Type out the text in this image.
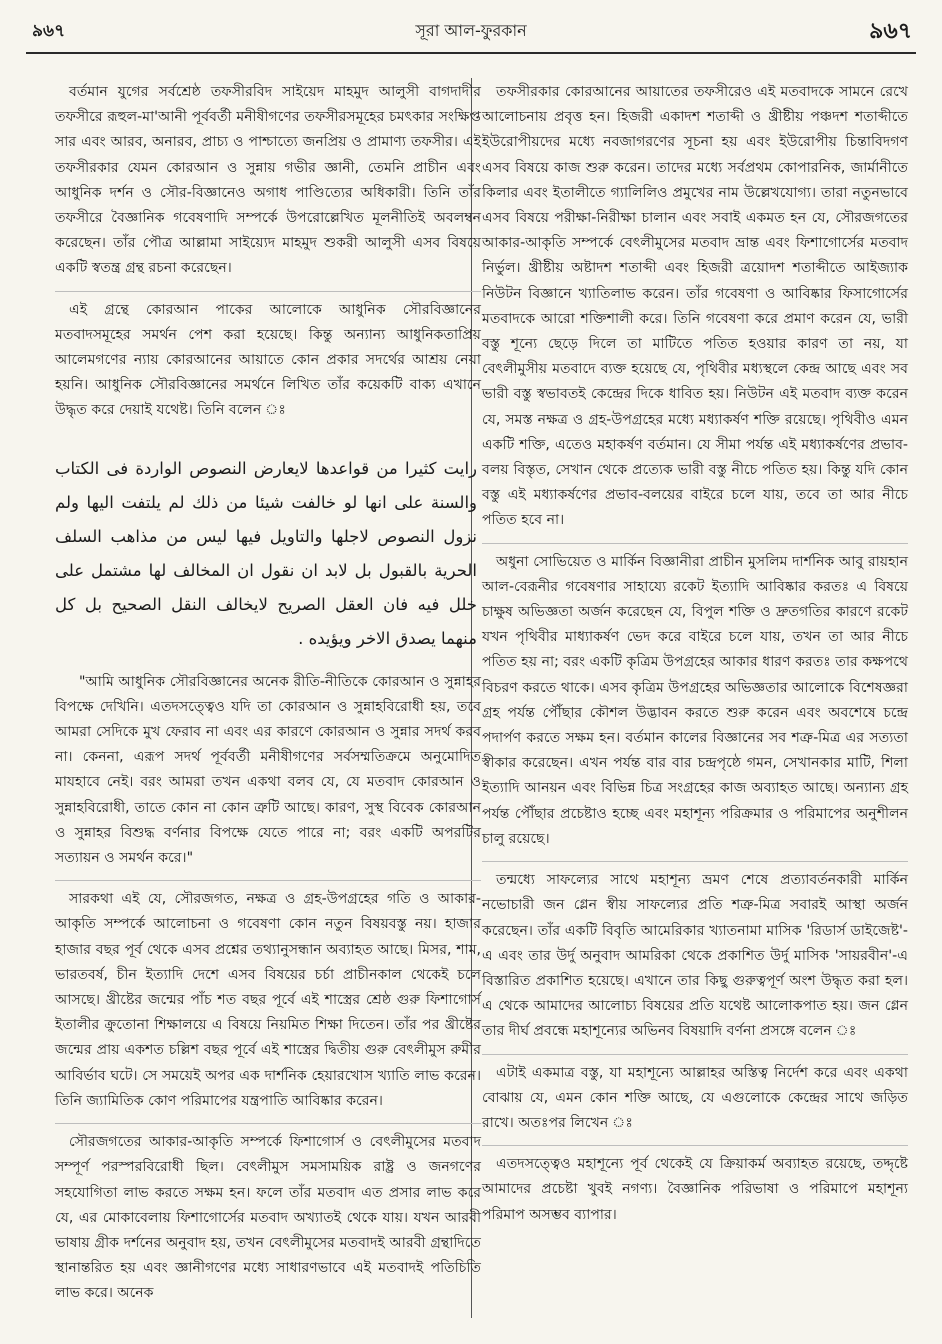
৯৬৭	সূরা আল-ফুরকান	৯৬৭

বর্তমান যুগের সর্বশ্রেষ্ঠ তফসীরবিদ সাইয়েদ মাহমুদ আলুসী বাগদাদীর তফসীরে রূহুল-মা'আনী পূর্ববর্তী মনীষীগণের তফসীরসমূহের চমৎকার সংক্ষিপ্ত সার এবং আরব, অনারব, প্রাচ্য ও পাশ্চাত্যে জনপ্রিয় ও প্রামাণ্য তফসীর। এই তফসীরকার যেমন কোরআন ও সুন্নায় গভীর জ্ঞানী, তেমনি প্রাচীন এবং আধুনিক দর্শন ও সৌর-বিজ্ঞানেও অগাধ পাণ্ডিত্যের অধিকারী। তিনি তাঁর তফসীরে বৈজ্ঞানিক গবেষণাদি সম্পর্কে উপরোল্লেখিত মূলনীতিই অবলম্বন করেছেন। তাঁর পৌত্র আল্লামা সাইয়্যেদ মাহমুদ শুকরী আলুসী এসব বিষয়ে একটি স্বতন্ত্র গ্রন্থ রচনা করেছেন।

এই গ্রন্থে কোরআন পাকের আলোকে আধুনিক সৌরবিজ্ঞানের মতবাদসমূহের সমর্থন পেশ করা হয়েছে। কিন্তু অন্যান্য আধুনিকতাপ্রিয় আলেমগণের ন্যায় কোরআনের আয়াতে কোন প্রকার সদর্থের আশ্রয় নেয়া হয়নি। আধুনিক সৌরবিজ্ঞানের সমর্থনে লিখিত তাঁর কয়েকটি বাক্য এখানে উদ্ধৃত করে দেয়াই যথেষ্ট। তিনি বলেন ঃ

رايت كثيرا من قواعدها لايعارض النصوص الواردة فى الكتاب والسنة على انها لو خالفت شيئا من ذلك لم يلتفت اليها ولم نزول النصوص لاجلها والتاويل فيها ليس من مذاهب السلف الحرية بالقبول بل لابد ان نقول ان المخالف لها مشتمل على خلل فيه فان العقل الصريح لايخالف النقل الصحيح بل كل منهما يصدق الاخر ويؤيده .

"আমি আধুনিক সৌরবিজ্ঞানের অনেক রীতি-নীতিকে কোরআন ও সুন্নাহর বিপক্ষে দেখিনি। এতদসত্ত্বেও যদি তা কোরআন ও সুন্নাহবিরোধী হয়, তবে আমরা সেদিকে মুখ ফেরাব না এবং এর কারণে কোরআন ও সুন্নার সদর্থ করব না। কেননা, এরূপ সদর্থ পূর্ববর্তী মনীষীগণের সর্বসম্মতিক্রমে অনুমোদিত মাযহাবে নেই। বরং আমরা তখন একথা বলব যে, যে মতবাদ কোরআন ও সুন্নাহবিরোধী, তাতে কোন না কোন ত্রুটি আছে। কারণ, সুস্থ বিবেক কোরআন ও সুন্নাহর বিশুদ্ধ বর্ণনার বিপক্ষে যেতে পারে না; বরং একটি অপরটির সত্যায়ন ও সমর্থন করে।"

সারকথা এই যে, সৌরজগত, নক্ষত্র ও গ্রহ-উপগ্রহের গতি ও আকার-আকৃতি সম্পর্কে আলোচনা ও গবেষণা কোন নতুন বিষয়বস্তু নয়। হাজার হাজার বছর পূর্ব থেকে এসব প্রশ্নের তথ্যানুসন্ধান অব্যাহত আছে। মিসর, শাম, ভারতবর্ষ, চীন ইত্যাদি দেশে এসব বিষয়ের চর্চা প্রাচীনকাল থেকেই চলে আসছে। খ্রীষ্টের জন্মের পাঁচ শত বছর পূর্বে এই শাস্ত্রের শ্রেষ্ঠ গুরু ফিশাগোর্স ইতালীর ক্রুতোনা শিক্ষালয়ে এ বিষয়ে নিয়মিত শিক্ষা দিতেন। তাঁর পর খ্রীষ্টের জন্মের প্রায় একশত চল্লিশ বছর পূর্বে এই শাস্ত্রের দ্বিতীয় গুরু বেৎলীমুস রুমীর আবির্ভাব ঘটে। সে সময়েই অপর এক দার্শনিক হেয়ারখোস খ্যাতি লাভ করেন। তিনি জ্যামিতিক কোণ পরিমাপের যন্ত্রপাতি আবিষ্কার করেন।

সৌরজগতের আকার-আকৃতি সম্পর্কে ফিশাগোর্স ও বেৎলীমুসের মতবাদ সম্পূর্ণ পরস্পরবিরোধী ছিল। বেৎলীমুস সমসাময়িক রাষ্ট্র ও জনগণের সহযোগিতা লাভ করতে সক্ষম হন। ফলে তাঁর মতবাদ এত প্রসার লাভ করে যে, এর মোকাবেলায় ফিশাগোর্সের মতবাদ অখ্যাতই থেকে যায়। যখন আরবী ভাষায় গ্রীক দর্শনের অনুবাদ হয়, তখন বেৎলীমুসের মতবাদই আরবী গ্রন্থাদিতে স্থানান্তরিত হয় এবং জ্ঞানীগণের মধ্যে সাধারণভাবে এই মতবাদই পতিচিতি লাভ করে। অনেক

তফসীরকার কোরআনের আয়াতের তফসীরেও এই মতবাদকে সামনে রেখে আলোচনায় প্রবৃত্ত হন। হিজরী একাদশ শতাব্দী ও খ্রীষ্টীয় পঞ্চদশ শতাব্দীতে ইউরোপীয়দের মধ্যে নবজাগরণের সূচনা হয় এবং ইউরোপীয় চিন্তাবিদগণ এসব বিষয়ে কাজ শুরু করেন। তাদের মধ্যে সর্বপ্রথম কোপারনিক, জার্মানীতে কিলার এবং ইতালীতে গ্যালিলিও প্রমুখের নাম উল্লেখযোগ্য। তারা নতুনভাবে এসব বিষয়ে পরীক্ষা-নিরীক্ষা চালান এবং সবাই একমত হন যে, সৌরজগতের আকার-আকৃতি সম্পর্কে বেৎলীমুসের মতবাদ ভ্রান্ত এবং ফিশাগোর্সের মতবাদ নির্ভুল। খ্রীষ্টীয় অষ্টাদশ শতাব্দী এবং হিজরী ত্রয়োদশ শতাব্দীতে আইজ্যাক নিউটন বিজ্ঞানে খ্যাতিলাভ করেন। তাঁর গবেষণা ও আবিষ্কার ফিসাগোর্সের মতবাদকে আরো শক্তিশালী করে। তিনি গবেষণা করে প্রমাণ করেন যে, ভারী বস্তু শূন্যে ছেড়ে দিলে তা মাটিতে পতিত হওয়ার কারণ তা নয়, যা বেৎলীমুসীয় মতবাদে ব্যক্ত হয়েছে যে, পৃথিবীর মধ্যস্থলে কেন্দ্র আছে এবং সব ভারী বস্তু স্বভাবতই কেন্দ্রের দিকে ধাবিত হয়। নিউটন এই মতবাদ ব্যক্ত করেন যে, সমস্ত নক্ষত্র ও গ্রহ-উপগ্রহের মধ্যে মধ্যাকর্ষণ শক্তি রয়েছে। পৃথিবীও এমন একটি শক্তি, এতেও মহাকর্ষণ বর্তমান। যে সীমা পর্যন্ত এই মধ্যাকর্ষণের প্রভাব-বলয় বিস্তৃত, সেখান থেকে প্রত্যেক ভারী বস্তু নীচে পতিত হয়। কিন্তু যদি কোন বস্তু এই মধ্যাকর্ষণের প্রভাব-বলয়ের বাইরে চলে যায়, তবে তা আর নীচে পতিত হবে না।

অধুনা সোভিয়েত ও মার্কিন বিজ্ঞানীরা প্রাচীন মুসলিম দার্শনিক আবু রায়হান আল-বেরূনীর গবেষণার সাহায্যে রকেট ইত্যাদি আবিষ্কার করতঃ এ বিষয়ে চাক্ষুষ অভিজ্ঞতা অর্জন করেছেন যে, বিপুল শক্তি ও দ্রুতগতির কারণে রকেট যখন পৃথিবীর মাধ্যাকর্ষণ ভেদ করে বাইরে চলে যায়, তখন তা আর নীচে পতিত হয় না; বরং একটি কৃত্রিম উপগ্রহের আকার ধারণ করতঃ তার কক্ষপথে বিচরণ করতে থাকে। এসব কৃত্রিম উপগ্রহের অভিজ্ঞতার আলোকে বিশেষজ্ঞরা গ্রহ পর্যন্ত পৌঁছার কৌশল উদ্ভাবন করতে শুরু করেন এবং অবশেষে চন্দ্রে পদার্পণ করতে সক্ষম হন। বর্তমান কালের বিজ্ঞানের সব শত্রু-মিত্র এর সত্যতা স্বীকার করেছেন। এখন পর্যন্ত বার বার চন্দ্রপৃষ্ঠে গমন, সেখানকার মাটি, শিলা ইত্যাদি আনয়ন এবং বিভিন্ন চিত্র সংগ্রহের কাজ অব্যাহত আছে। অন্যান্য গ্রহ পর্যন্ত পৌঁছার প্রচেষ্টাও হচ্ছে এবং মহাশূন্য পরিক্রমার ও পরিমাপের অনুশীলন চালু রয়েছে।

তন্মধ্যে সাফল্যের সাথে মহাশূন্য ভ্রমণ শেষে প্রত্যাবর্তনকারী মার্কিন নভোচারী জন গ্লেন স্বীয় সাফল্যের প্রতি শত্রু-মিত্র সবারই আস্থা অর্জন করেছেন। তাঁর একটি বিবৃতি আমেরিকার খ্যাতনামা মাসিক 'রিডার্স ডাইজেষ্ট'-এ এবং তার উর্দু অনুবাদ আমরিকা থেকে প্রকাশিত উর্দু মাসিক 'সায়রবীন'-এ বিস্তারিত প্রকাশিত হয়েছে। এখানে তার কিছু গুরুত্বপূর্ণ অংশ উদ্ধৃত করা হল। এ থেকে আমাদের আলোচ্য বিষয়ের প্রতি যথেষ্ট আলোকপাত হয়। জন গ্লেন তার দীর্ঘ প্রবন্ধে মহাশূন্যের অভিনব বিষয়াদি বর্ণনা প্রসঙ্গে বলেন ঃ

এটাই একমাত্র বস্তু, যা মহাশূন্যে আল্লাহর অস্তিত্ব নির্দেশ করে এবং একথা বোঝায় যে, এমন কোন শক্তি আছে, যে এগুলোকে কেন্দ্রের সাথে জড়িত রাখে। অতঃপর লিখেন ঃ

এতদসত্ত্বেও মহাশূন্যে পূর্ব থেকেই যে ক্রিয়াকর্ম অব্যাহত রয়েছে, তদ্দৃষ্টে আমাদের প্রচেষ্টা খুবই নগণ্য। বৈজ্ঞানিক পরিভাষা ও পরিমাপে মহাশূন্য পরিমাপ অসম্ভব ব্যাপার।
